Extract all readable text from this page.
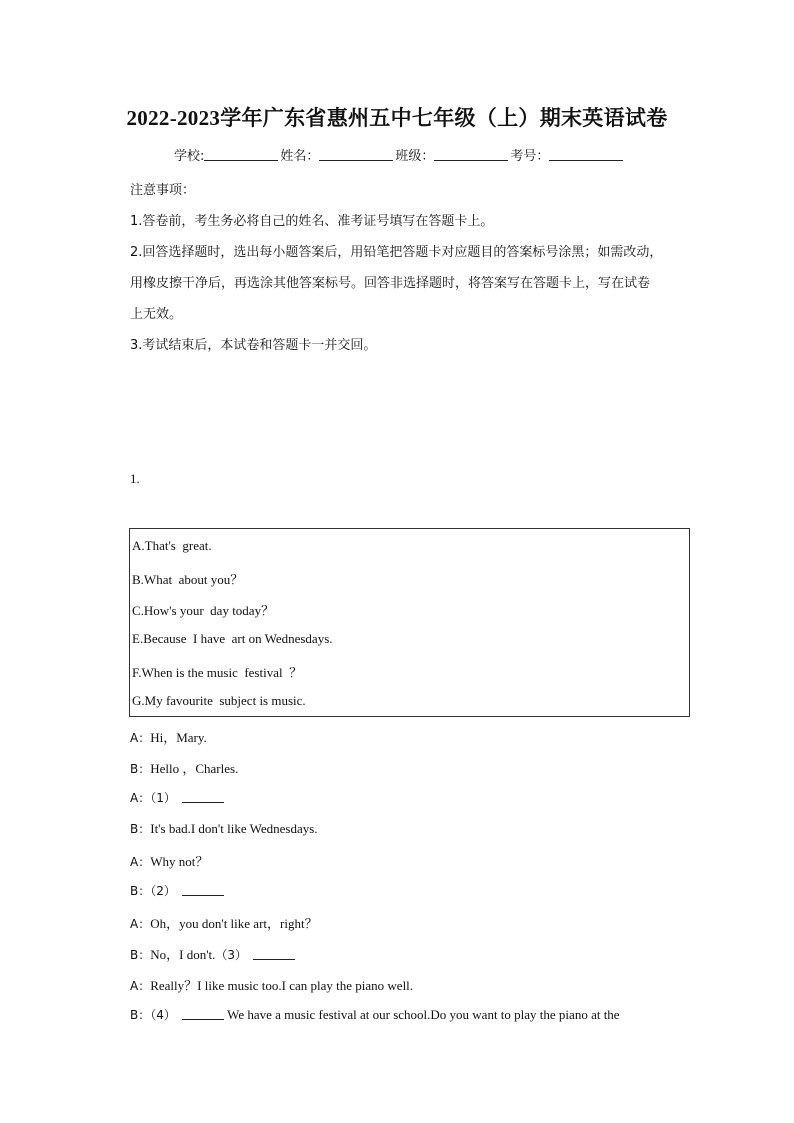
2022-2023学年广东省惠州五中七年级（上）期末英语试卷
学校:	姓名：	班级：	考号：

注意事项：

1.答卷前，考生务必将自己的姓名、准考证号填写在答题卡上。

2.回答选择题时，选出每小题答案后，用铅笔把答题卡对应题目的答案标号涂黑；如需改动，

用橡皮擦干净后，再选涂其他答案标号。回答非选择题时，将答案写在答题卡上，写在试卷

上无效。

3.考试结束后，本试卷和答题卡一并交回。

1.
A.That's  great.
B.What  about you？
C.How's your  day today？
E.Because  I have  art on Wednesdays.
F.When is the music  festival  ？
G.My favourite  subject is music.
A：Hi，Mary.
B：Hello ，Charles.
A：（1）
B：It's bad.I don't like Wednesdays.
A：Why not？
B：（2）
A：Oh，you don't like art，right？
B：No，I don't.（3）
A：Really？I like music too.I can play the piano well.
B：（4）	We have a music festival at our school.Do you want to play the piano at the
